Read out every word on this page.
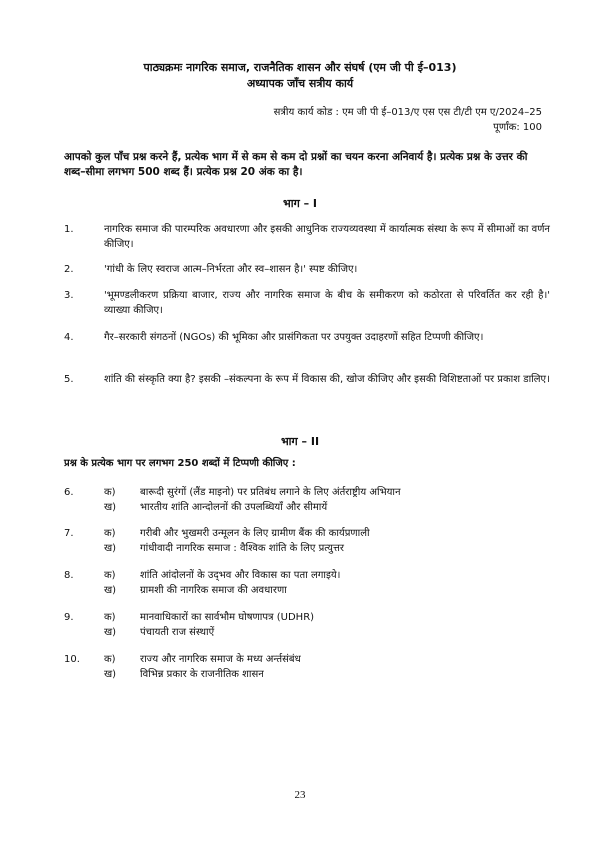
पाठ्यक्रमः नागरिक समाज, राजनैतिक शासन और संघर्ष (एम जी पी ई–013)
अध्यापक जाँच सत्रीय कार्य
सत्रीय कार्य कोड : एम जी पी ई–013/ए एस एस टी/टी एम ए/2024–25
पूर्णांक: 100
आपको कुल पाँच प्रश्न करने हैं, प्रत्येक भाग में से कम से कम दो प्रश्नों का चयन करना अनिवार्य है। प्रत्येक प्रश्न के उत्तर की शब्द–सीमा लगभग 500 शब्द हैं। प्रत्येक प्रश्न 20 अंक का है।
भाग – I
1.	नागरिक समाज की पारम्परिक अवधारणा और इसकी आधुनिक राज्यव्यवस्था में कार्यात्मक संस्था के रूप में सीमाओं का वर्णन कीजिए।
2.	'गांधी के लिए स्वराज आत्म–निर्भरता और स्व–शासन है।' स्पष्ट कीजिए।
3.	'भूमण्डलीकरण प्रक्रिया बाजार, राज्य और नागरिक समाज के बीच के समीकरण को कठोरता से परिवर्तित कर रही है।' व्याख्या कीजिए।
4.	गैर–सरकारी संगठनों (NGOs) की भूमिका और प्रासंगिकता पर उपयुक्त उदाहरणों सहित टिप्पणी कीजिए।
5.	शांति की संस्कृति क्या है? इसकी –संकल्पना के रूप में विकास की, खोज कीजिए और इसकी विशिष्टताओं पर प्रकाश डालिए।
भाग – II
प्रश्न के प्रत्येक भाग पर लगभग 250 शब्दों में टिप्पणी कीजिए :
6.	क) बारूदी सुरंगों (लैंड माइनो) पर प्रतिबंध लगाने के लिए अंर्तराष्ट्रीय अभियान
ख) भारतीय शांति आन्दोलनों की उपलब्धियाँ और सीमायें
7.	क) गरीबी और भुखमरी उन्मूलन के लिए ग्रामीण बैंक की कार्यप्रणाली
ख) गांधीवादी नागरिक समाज : वैश्विक शांति के लिए प्रत्युत्तर
8.	क) शांति आंदोलनों के उद्‌भव और विकास का पता लगाइये।
ख) ग्रामशी की नागरिक समाज की अवधारणा
9.	क) मानवाधिकारों का सार्वभौम घोषणापत्र (UDHR)
ख) पंचायती राज संस्थाऐं
10. क) राज्य और नागरिक समाज के मध्य अर्न्तसंबंध
ख) विभिन्न प्रकार के राजनीतिक शासन
23
